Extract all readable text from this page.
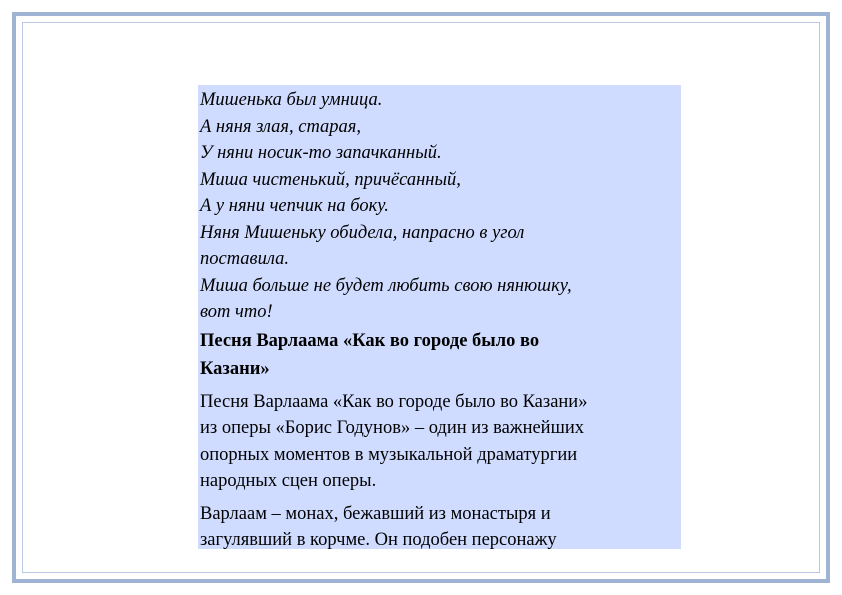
Мишенька был умница.
А няня злая, старая,
У няни носик-то запачканный.
Миша чистенький, причёсанный,
А у няни чепчик на боку.
Няня Мишеньку обидела, напрасно в угол
поставила.
Миша больше не будет любить свою нянюшку,
вот что!
Песня Варлаама «Как во городе было во
Казани»
Песня Варлаама «Как во городе было во Казани»
из оперы «Борис Годунов» – один из важнейших
опорных моментов в музыкальной драматургии
народных сцен оперы.
Варлаам – монах, бежавший из монастыря и
загулявший в корчме. Он подобен персонажу
